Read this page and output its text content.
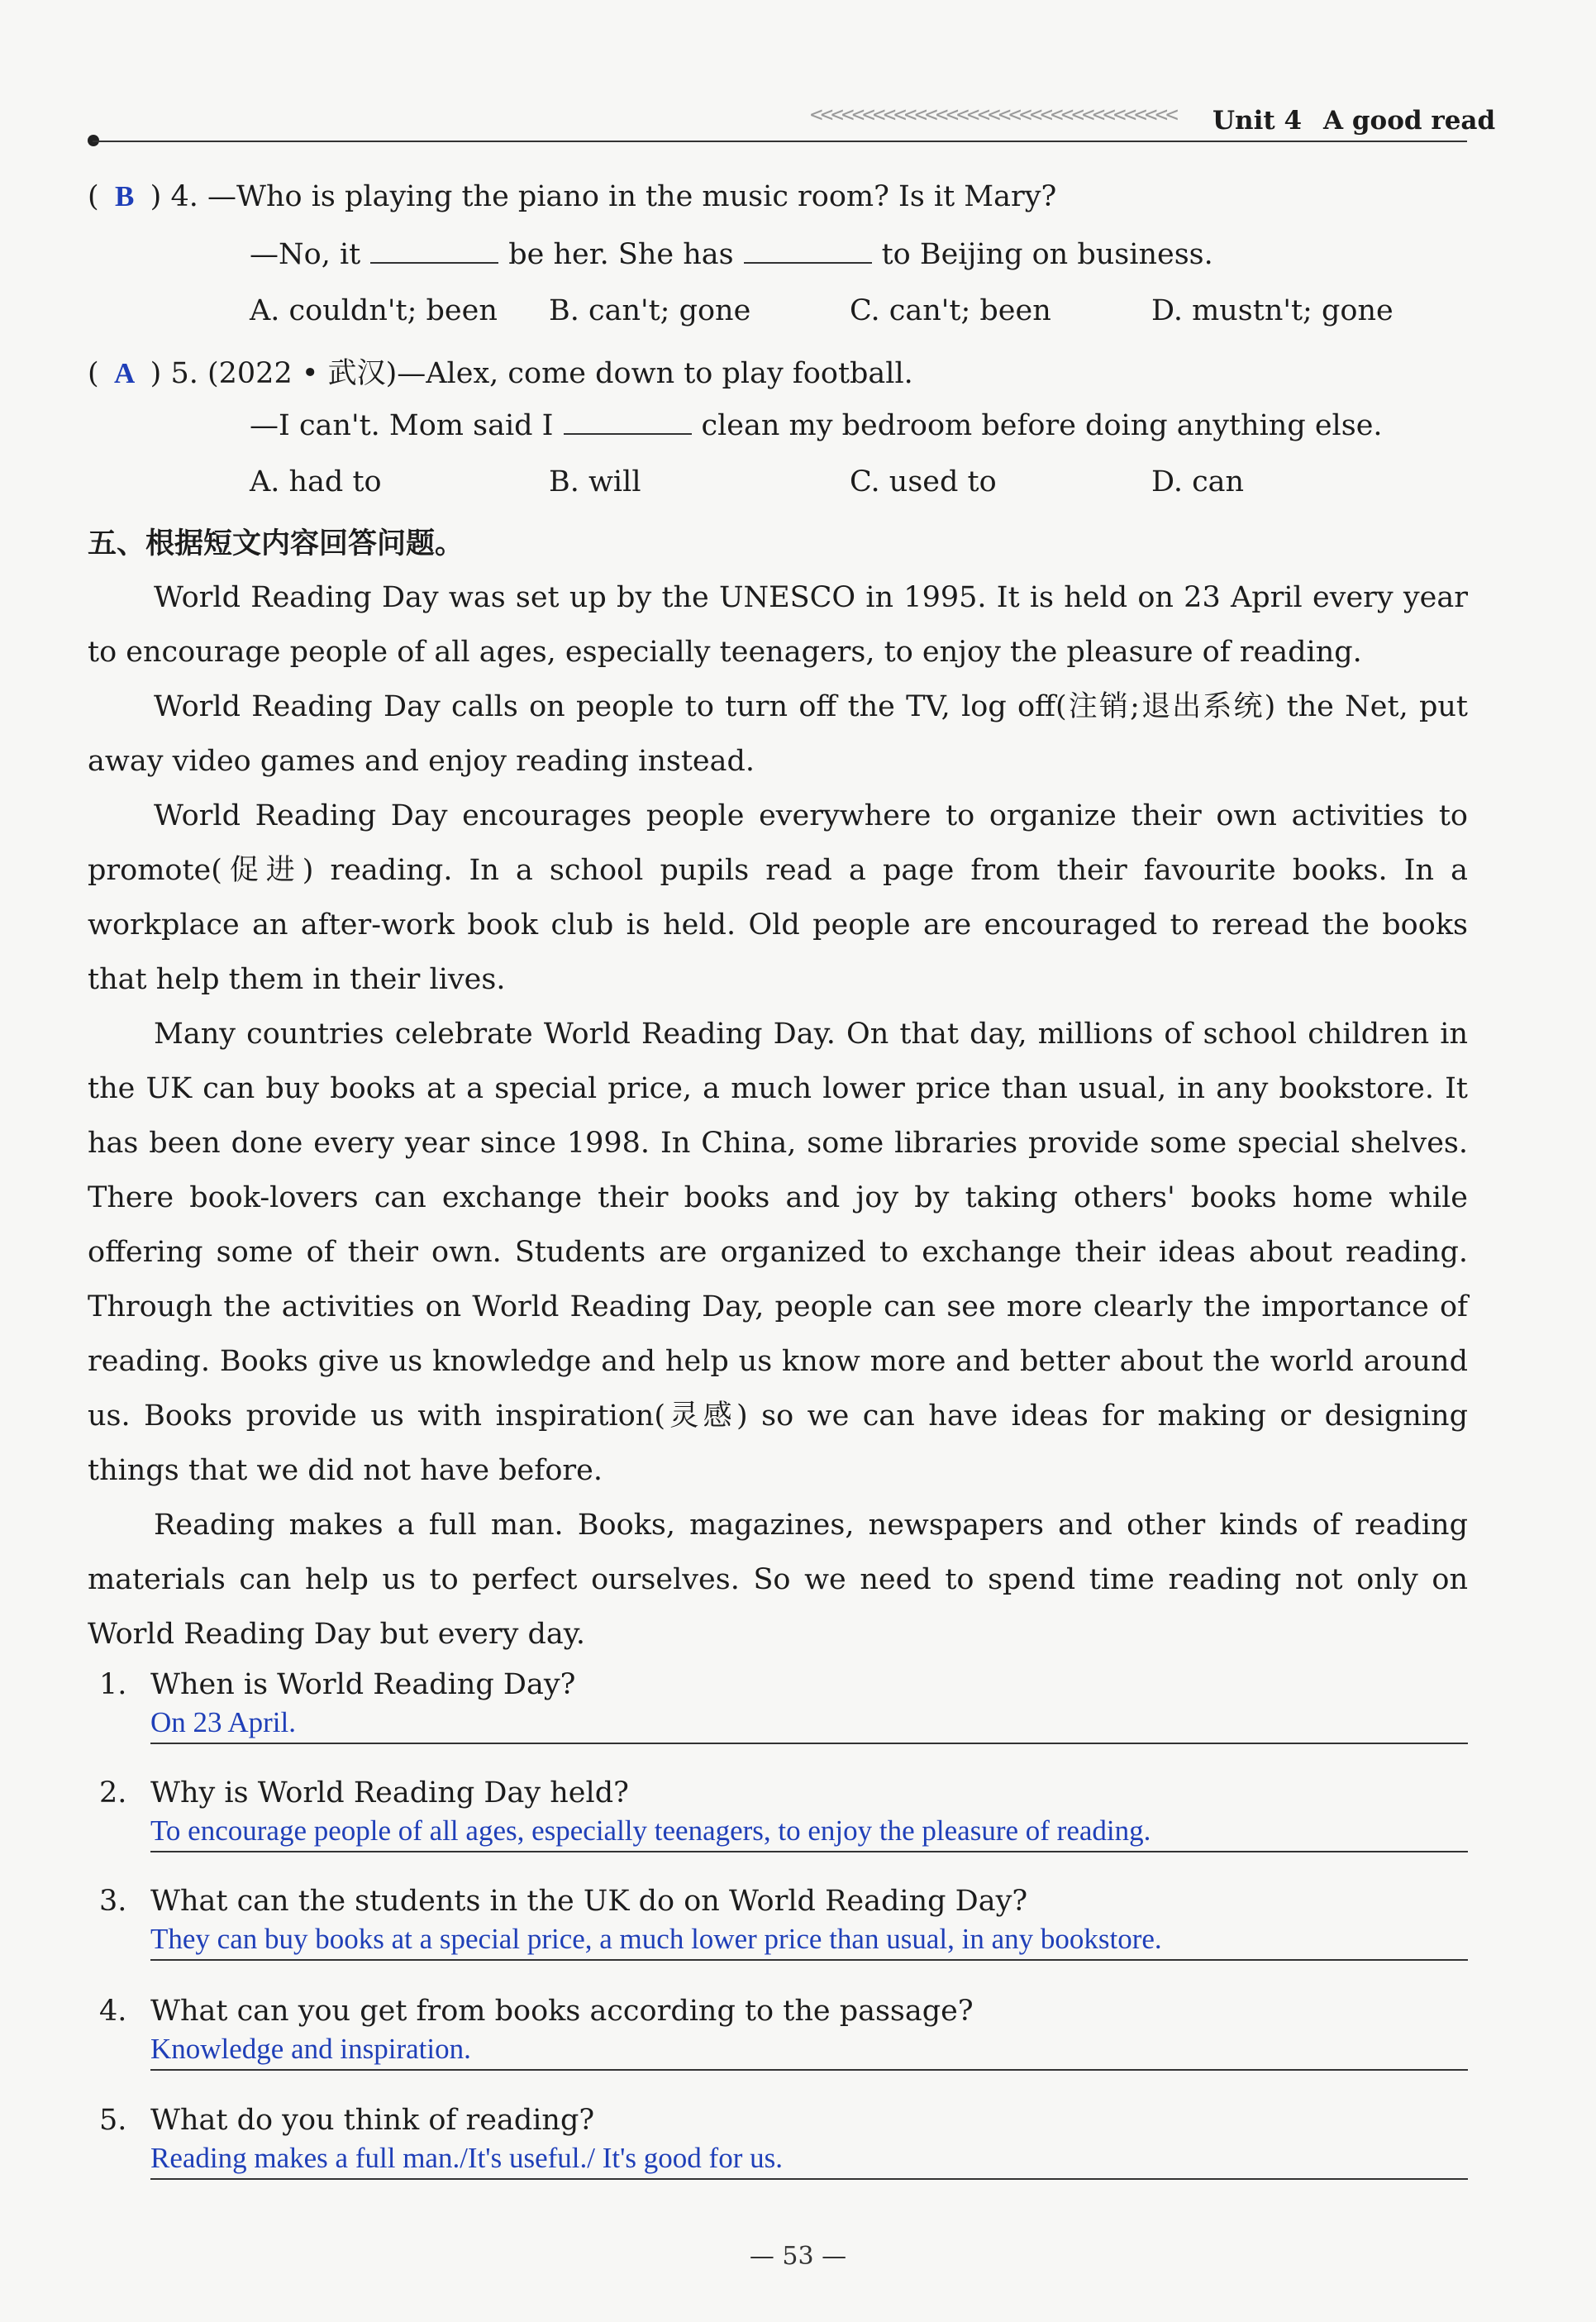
<<<<<<<<<<<<<<<<<<<<<<<<<<<<<<<<<<< Unit 4 A good read
( B ) 4. —Who is playing the piano in the music room? Is it Mary?
—No, it	be her. She has	to Beijing on business.
A. couldn't; been B. can't; gone	C. can't; been	D. mustn't; gone
( A ) 5. (2022 • 武汉)—Alex, come down to play football.
—I can't. Mom said I	clean my bedroom before doing anything else.
A. had to	B. will	C. used to	D. can
五、根据短文内容回答问题。

World Reading Day was set up by the UNESCO in 1995. It is held on 23 April every year to encourage people of all ages, especially teenagers, to enjoy the pleasure of reading.

World Reading Day calls on people to turn off the TV, log off(注销;退出系统) the Net, put away video games and enjoy reading instead.

World Reading Day encourages people everywhere to organize their own activities to promote(促进) reading. In a school pupils read a page from their favourite books. In a workplace an after-work book club is held. Old people are encouraged to reread the books that help them in their lives.

Many countries celebrate World Reading Day. On that day, millions of school children in the UK can buy books at a special price, a much lower price than usual, in any bookstore. It has been done every year since 1998. In China, some libraries provide some special shelves. There book-lovers can exchange their books and joy by taking others' books home while offering some of their own. Students are organized to exchange their ideas about reading. Through the activities on World Reading Day, people can see more clearly the importance of reading. Books give us knowledge and help us know more and better about the world around us. Books provide us with inspiration(灵感) so we can have ideas for making or designing things that we did not have before.

Reading makes a full man. Books, magazines, newspapers and other kinds of reading materials can help us to perfect ourselves. So we need to spend time reading not only on World Reading Day but every day.

1. When is World Reading Day?
On 23 April.
2. Why is World Reading Day held?
To encourage people of all ages, especially teenagers, to enjoy the pleasure of reading.
3. What can the students in the UK do on World Reading Day?
They can buy books at a special price, a much lower price than usual, in any bookstore.
4. What can you get from books according to the passage?
Knowledge and inspiration.
5. What do you think of reading?
Reading makes a full man./It's useful./ It's good for us.
— 53 —
